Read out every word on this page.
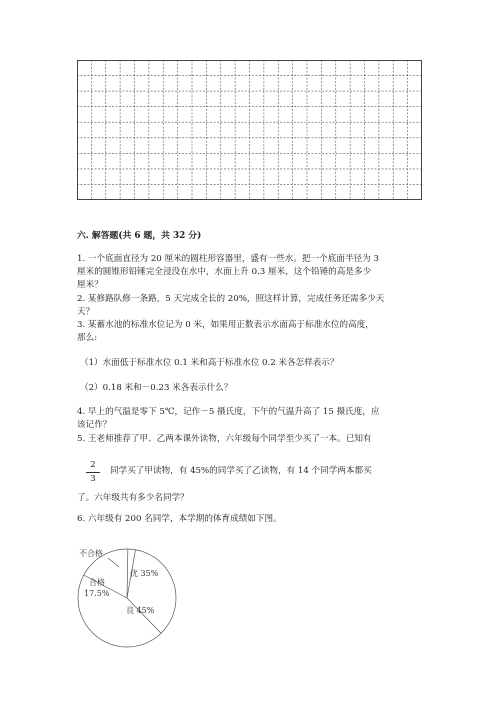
六. 解答题(共 6 题，共 32 分)
1. 一个底面直径为 20 厘米的圆柱形容器里，盛有一些水。把一个底面半径为 3
厘米的圆锥形铅锤完全浸没在水中，水面上升 0.3 厘米，这个铅锤的高是多少
厘米？
2. 某修路队修一条路，5 天完成全长的 20%，照这样计算，完成任务还需多少天
天？
3. 某蓄水池的标准水位记为 0 米，如果用正数表示水面高于标准水位的高度，
那么:
（1）水面低于标准水位 0.1 米和高于标准水位 0.2 米各怎样表示？
（2）0.18 米和－0.23 米各表示什么？
4. 早上的气温是零下 5℃，记作－5 摄氏度，下午的气温升高了 15 摄氏度，应
该记作？
5. 王老师推荐了甲、乙两本课外读物，六年级每个同学至少买了一本。已知有
2
3
同学买了甲读物，有 45%的同学买了乙读物，有 14 个同学两本都买
了。六年级共有多少名同学？
6. 六年级有 200 名同学，本学期的体育成绩如下图。
不合格
合格
17.5%
优 35%
良 45%
